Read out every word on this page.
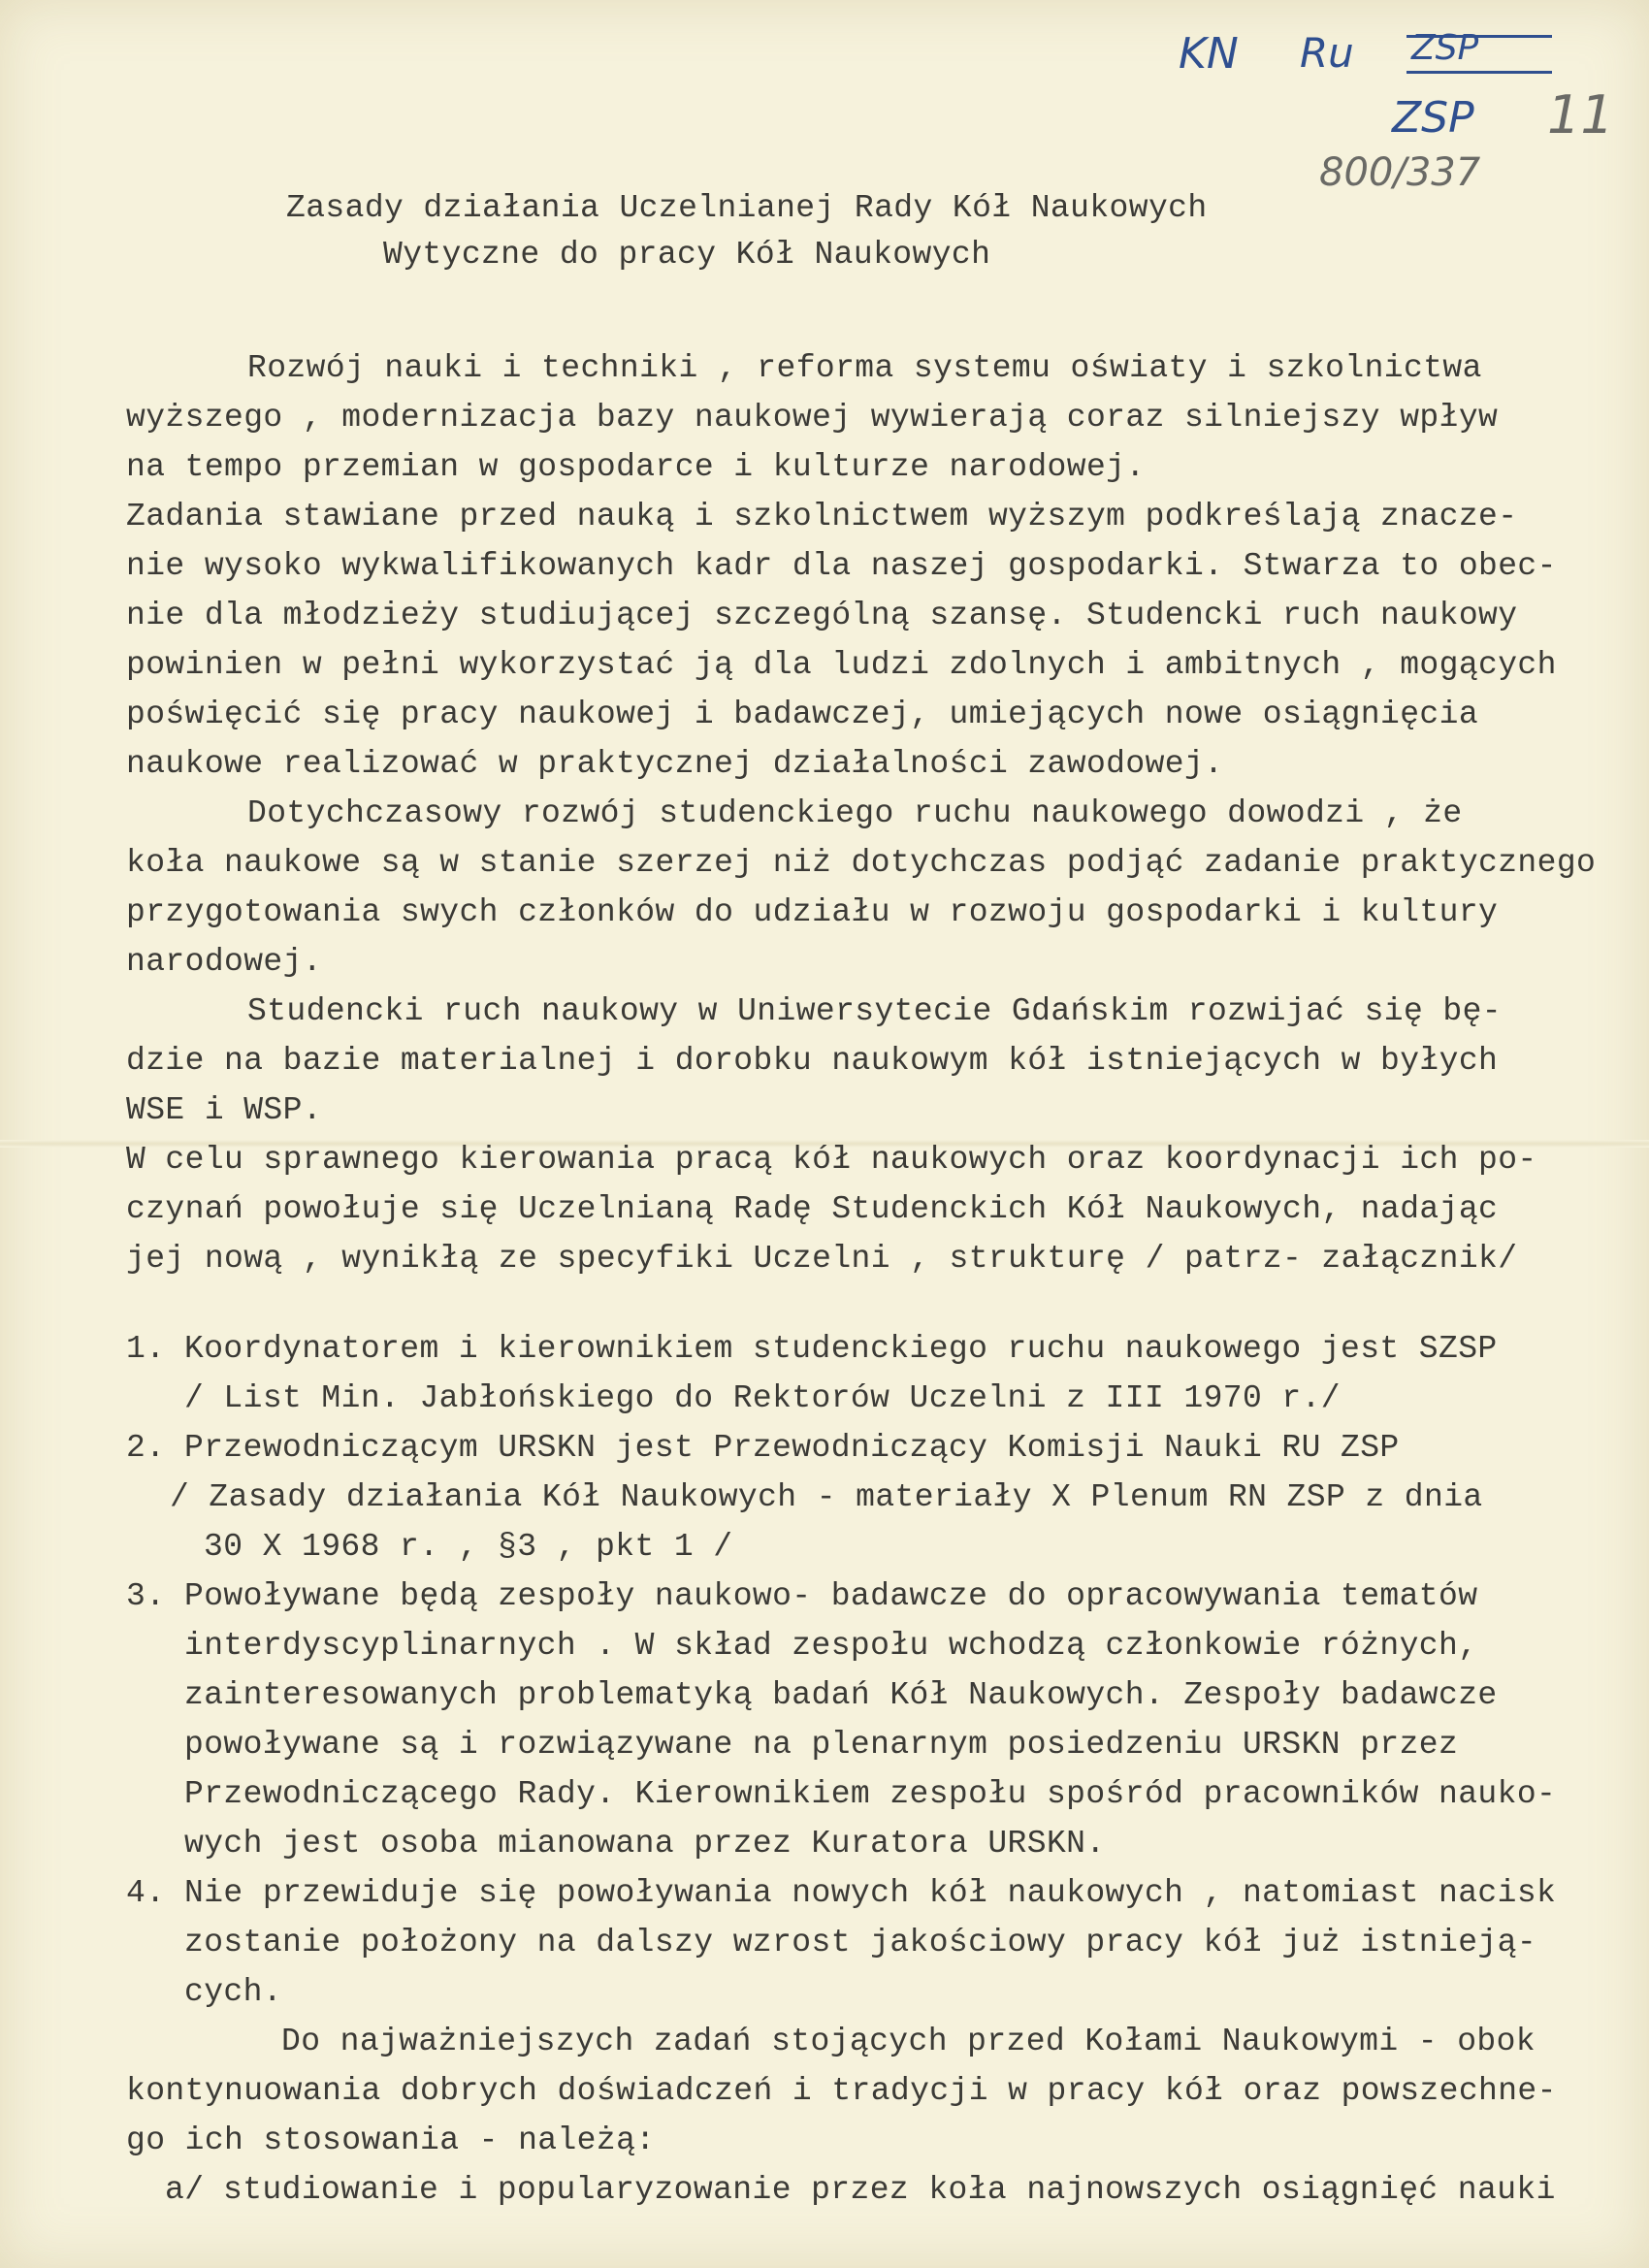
KN Ru ZSP
ZSP 11
800/337
Zasady działania Uczelnianej Rady Kół Naukowych
Wytyczne do pracy Kół Naukowych
Rozwój nauki i techniki , reforma systemu oświaty i szkolnictwa
wyższego , modernizacja bazy naukowej wywierają coraz silniejszy wpływ
na tempo przemian w gospodarce i kulturze narodowej.
Zadania stawiane przed nauką i szkolnictwem wyższym podkreślają znacze-
nie wysoko wykwalifikowanych kadr dla naszej gospodarki. Stwarza to obec-
nie dla młodzieży studiującej szczególną szansę. Studencki ruch naukowy
powinien w pełni wykorzystać ją dla ludzi zdolnych i ambitnych , mogących
poświęcić się pracy naukowej i badawczej, umiejących nowe osiągnięcia
naukowe realizować w praktycznej działalności zawodowej.
Dotychczasowy rozwój studenckiego ruchu naukowego dowodzi , że
koła naukowe są w stanie szerzej niż dotychczas podjąć zadanie praktycznego
przygotowania swych członków do udziału w rozwoju gospodarki i kultury
narodowej.
Studencki ruch naukowy w Uniwersytecie Gdańskim rozwijać się bę-
dzie na bazie materialnej i dorobku naukowym kół istniejących w byłych
WSE i WSP.
W celu sprawnego kierowania pracą kół naukowych oraz koordynacji ich po-
czynań powołuje się Uczelnianą Radę Studenckich Kół Naukowych, nadając
jej nową , wynikłą ze specyfiki Uczelni , strukturę / patrz- załącznik/
1. Koordynatorem i kierownikiem studenckiego ruchu naukowego jest SZSP
/ List Min. Jabłońskiego do Rektorów Uczelni z III 1970 r./
2. Przewodniczącym URSKN jest Przewodniczący Komisji Nauki RU ZSP
/ Zasady działania Kół Naukowych - materiały X Plenum RN ZSP z dnia
30 X 1968 r. , §3 , pkt 1 /
3. Powoływane będą zespoły naukowo- badawcze do opracowywania tematów
interdyscyplinarnych . W skład zespołu wchodzą członkowie różnych,
zainteresowanych problematyką badań Kół Naukowych. Zespoły badawcze
powoływane są i rozwiązywane na plenarnym posiedzeniu URSKN przez
Przewodniczącego Rady. Kierownikiem zespołu spośród pracowników nauko-
wych jest osoba mianowana przez Kuratora URSKN.
4. Nie przewiduje się powoływania nowych kół naukowych , natomiast nacisk
zostanie położony na dalszy wzrost jakościowy pracy kół już istnieją-
cych.
Do najważniejszych zadań stojących przed Kołami Naukowymi - obok
kontynuowania dobrych doświadczeń i tradycji w pracy kół oraz powszechne-
go ich stosowania - należą:
a/ studiowanie i popularyzowanie przez koła najnowszych osiągnięć nauki
